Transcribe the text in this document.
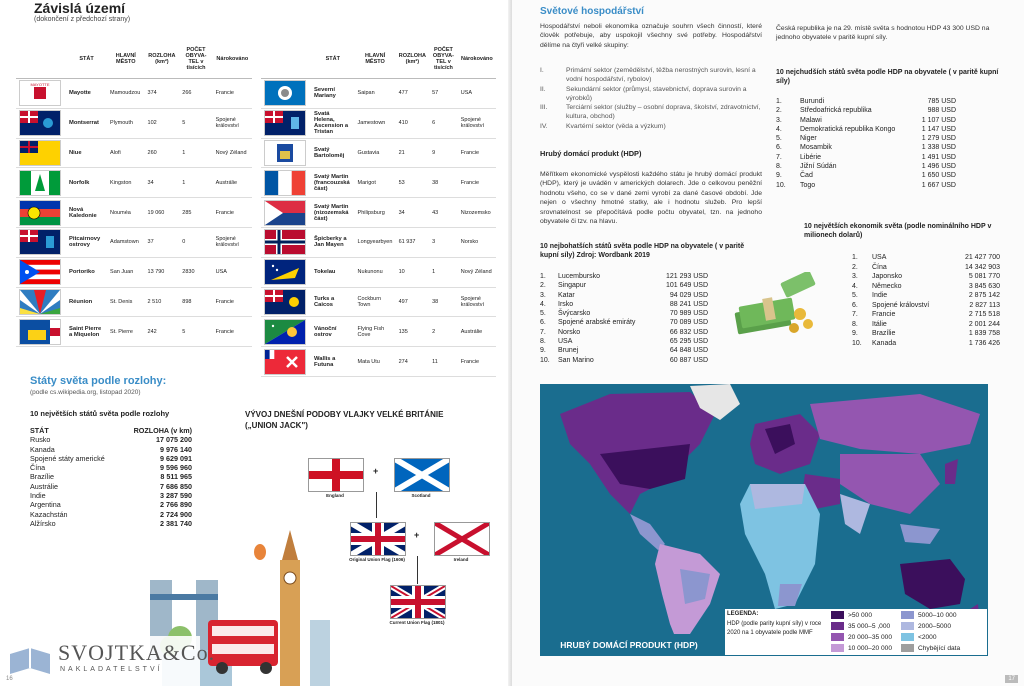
Závislá území
(dokončení z předchozí strany)
	STÁT	HLAVNÍ MĚSTO	ROZLOHA (km²)	POČET OBYVA-TEL v tisících	Nárokováno

MAYOTTE	Mayotte	Mamoudzou	374	266	Francie

	Montserrat	Plymouth	102	5	Spojené království

	Niue	Alofi	260	1	Nový Zéland

	Norfolk	Kingston	34	1	Austrálie

	Nová Kaledonie	Nouméa	19 060	285	Francie

	Pitcairnovy ostrovy	Adamstown	37	0	Spojené království

	Portoriko	San Juan	13 790	2830	USA

	Réunion	St. Denis	2 510	898	Francie

	Saint Pierre a Miquelon	St. Pierre	242	5	Francie
	STÁT	HLAVNÍ MĚSTO	ROZLOHA (km²)	POČET OBYVA-TEL v tisících	Nárokováno

	Severní Mariany	Saipan	477	57	USA

	Svatá Helena, Ascension a Tristan	Jamestown	410	6	Spojené království

	Svatý Bartoloměj	Gustavia	21	9	Francie

	Svatý Martin (francouzská část)	Marigot	53	38	Francie

	Svatý Martin (nizozemská část)	Philipsburg	34	43	Nizozemsko

	Špicberky a Jan Mayen	Longyearbyen	61 937	3	Norsko

	Tokelau	Nukunonu	10	1	Nový Zéland

	Turks a Caicos	Cockburn Town	497	38	Spojené království

	Vánoční ostrov	Flying Fish Cove	135	2	Austrálie

	Wallis a Futuna	Mata Utu	274	11	Francie
Státy světa podle rozlohy:
(podle cs.wikipedia.org, listopad 2020)
10 největších států světa podle rozlohy
STÁT	ROZLOHA (v km)
Rusko	17 075 200
Kanada	9 976 140
Spojené státy americké	9 629 091
Čína	9 596 960
Brazílie	8 511 965
Austrálie	7 686 850
Indie	3 287 590
Argentina	2 766 890
Kazachstán	2 724 900
Alžírsko	2 381 740
VÝVOJ DNEŠNÍ PODOBY VLAJKY VELKÉ BRITÁNIE
(„UNION JACK")
England
+
Scotland
Original Union Flag (1606)
+
Ireland
Current Union Flag (1801)
SVOJTKA&Co.
NAKLADATELSTVÍ
16
Světové hospodářství
Hospodářství neboli ekonomika označuje souhrn všech činností, které člověk potřebuje, aby uspokojil všechny své potřeby. Hospodářství dělíme na čtyři velké skupiny:
I.	Primární sektor (zemědělství, těžba nerostných surovin, lesní a vodní hospodářství, rybolov)
II.	Sekundární sektor (průmysl, stavebnictví, doprava surovin a výrobků)
III.	Terciární sektor (služby – osobní doprava, školství, zdravotnictví, kultura, obchod)
IV.	Kvartérní sektor (věda a výzkum)
Hrubý domácí produkt (HDP)
Měřítkem ekonomické vyspělosti každého státu je hrubý domácí produkt (HDP), který je uváděn v amerických dolarech. Jde o celkovou peněžní hodnotu všeho, co se v dané zemi vyrobí za dané časové období. Jde nejen o všechny hmotné statky, ale i hodnotu služeb. Pro lepší srovnatelnost se přepočítává podle počtu obyvatel, tzn. na jednoho obyvatele či tzv. na hlavu.
10 nejbohatších států světa podle HDP na obyvatele ( v paritě kupní síly) Zdroj: Wordbank 2019
1.	Lucembursko	121 293 USD
2.	Singapur	101 649 USD
3.	Katar	94 029 USD
4.	Irsko	88 241 USD
5.	Švýcarsko	70 989 USD
6.	Spojené arabské emiráty	70 089 USD
7.	Norsko	66 832 USD
8.	USA	65 295 USD
9.	Brunej	64 848 USD
10.	San Marino	60 887 USD
Česká republika je na 29. místě světa s hodnotou HDP 43 300 USD na jednoho obyvatele v paritě kupní síly.
10 nejchudších států světa podle HDP na obyvatele ( v paritě kupní síly)
1.	Burundi	785 USD
2.	Středoafrická republika	988 USD
3.	Malawi	1 107 USD
4.	Demokratická republika Kongo	1 147 USD
5.	Niger	1 279 USD
6.	Mosambik	1 338 USD
7.	Libérie	1 491 USD
8.	Jižní Súdán	1 496 USD
9.	Čad	1 650 USD
10.	Togo	1 667 USD
10 největších ekonomik světa (podle nominálního HDP v milionech dolarů)
1.	USA	21 427 700
2.	Čína	14 342 903
3.	Japonsko	5 081 770
4.	Německo	3 845 630
5.	Indie	2 875 142
6.	Spojené království	2 827 113
7.	Francie	2 715 518
8.	Itálie	2 001 244
9.	Brazílie	1 839 758
10.	Kanada	1 736 426
LEGENDA:
HDP (podle parity kupní síly) v roce 2020 na 1 obyvatele podle MMF
>50 000
35 000–5 ,000
20 000–35 000
10 000–20 000
5000–10 000
2000–5000
<2000
Chybějící data
HRUBÝ DOMÁCÍ PRODUKT (HDP)
17
